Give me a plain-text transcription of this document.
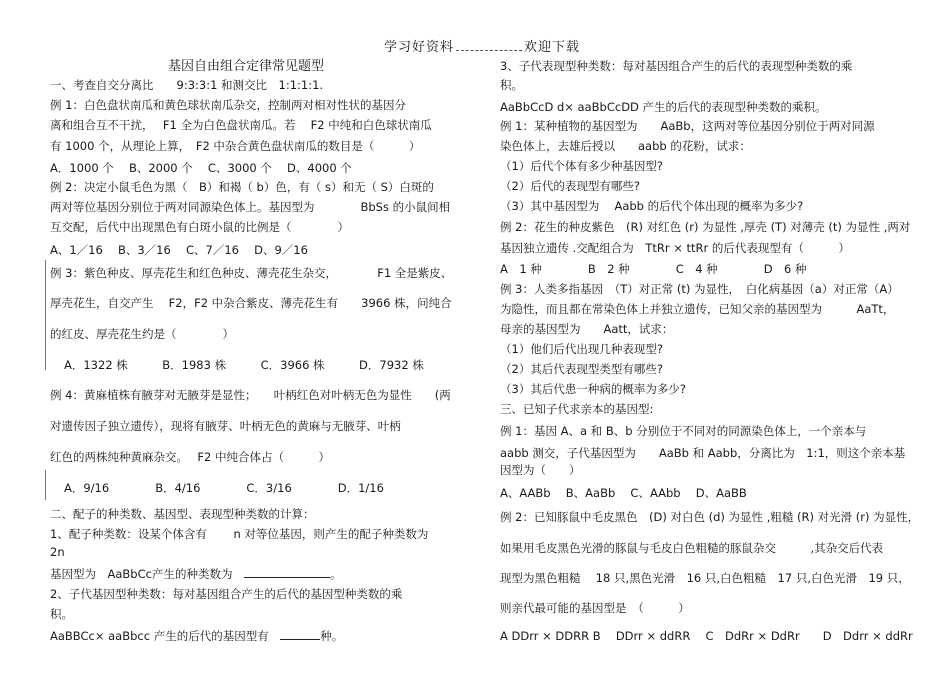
学习好资料	欢迎下载
基因自由组合定律常见题型
一、考查自交分离比　　9:3:3:1 和测交比　1:1:1:1.
例 1：白色盘状南瓜和黄色球状南瓜杂交，控制两对相对性状的基因分
离和组合互不干扰，　 F1 全为白色盘状南瓜。若　 F2 中纯和白色球状南瓜
有 1000 个，从理论上算，　F2 中杂合黄色盘状南瓜的数目是（　　　）
A．1000 个　 B、2000 个　 C、3000 个　 D、4000 个
例 2：决定小鼠毛色为黑（　B）和褐（ b）色，有（ s）和无（ S）白斑的
两对等位基因分别位于两对同源染色体上。基因型为　　　　BbSs 的小鼠间相
互交配，后代中出现黑色有白斑小鼠的比例是（　　　　）
A、1／16　 B、3／16　 C、7／16　 D、9／16
例 3：紫色种皮、厚壳花生和红色种皮、薄壳花生杂交，　　　　F1 全是紫皮、
厚壳花生，自交产生　 F2，F2 中杂合紫皮、薄壳花生有　　3966 株，问纯合
的红皮、厚壳花生约是（　　　　）
A．1322 株　　　B．1983 株　　　C．3966 株　　　D．7932 株
例 4：黄麻植株有腋芽对无腋芽是显性；　　叶柄红色对叶柄无色为显性　　(两
对遗传因子独立遗传），现将有腋芽、叶柄无色的黄麻与无腋芽、叶柄
红色的两株纯种黄麻杂交。　 F2 中纯合体占（　　　）
A．9/16　　　　B．4/16　　　　C．3/16　　　　D．1/16
二、配子的种类数、基因型、表现型种类数的计算：
1、配子种类数：设某个体含有　　 n 对等位基因，则产生的配子种类数为
2n
基因型为　AaBbCc产生的种类数为　	。
2、子代基因型种类数：每对基因组合产生的后代的基因型种类数的乘
积。
AaBBCc× aaBbcc 产生的后代的基因型有　	种。
3、子代表现型种类数：每对基因组合产生的后代的表现型种类数的乘
积。
AaBbCcD d× aaBbCcDD 产生的后代的表现型种类数的乘积。
例 1：某种植物的基因型为　　AaBb，这两对等位基因分别位于两对同源
染色体上，去雄后授以　　aabb 的花粉，试求：
（1）后代个体有多少种基因型?
（2）后代的表现型有哪些?
（3）其中基因型为　 Aabb 的后代个体出现的概率为多少?
例 2：花生的种皮紫色　(R) 对红色 (r) 为显性 ,厚壳 (T) 对薄壳 (t) 为显性 ,两对
基因独立遗传 .交配组合为　TtRr × ttRr 的后代表现型有（　　　）
A　1 种　　　　B　2 种　　　　C　4 种　　　　D　6 种
例 3：人类多指基因　（T）对正常 (t) 为显性，　白化病基因（a）对正常（A）
为隐性，而且都在常染色体上并独立遗传，已知父亲的基因型为　　　AaTt，
母亲的基因型为　　Aatt，试求：
（1）他们后代出现几种表现型?
（2）其后代表现型类型有哪些?
（3）其后代患一种病的概率为多少?
三、已知子代求亲本的基因型:
例 1：基因 A、a 和 B、b 分别位于不同对的同源染色体上，一个亲本与
aabb 测交，子代基因型为　　AaBb 和 Aabb，分离比为　1:1，则这个亲本基
因型为（　　）
A、AABb　 B、AaBb　 C、AAbb　 D、AaBB
例 2：已知豚鼠中毛皮黑色　(D) 对白色 (d) 为显性 ,粗糙 (R) 对光滑 (r) 为显性，
如果用毛皮黑色光滑的豚鼠与毛皮白色粗糙的豚鼠杂交　　　,其杂交后代表
现型为黑色粗糙　 18 只,黑色光滑　16 只,白色粗糙　17 只,白色光滑　19 只，
则亲代最可能的基因型是　（　　　）
A DDrr × DDRR B　 DDrr × ddRR　 C　DdRr × DdRr　　D　Ddrr × ddRr
